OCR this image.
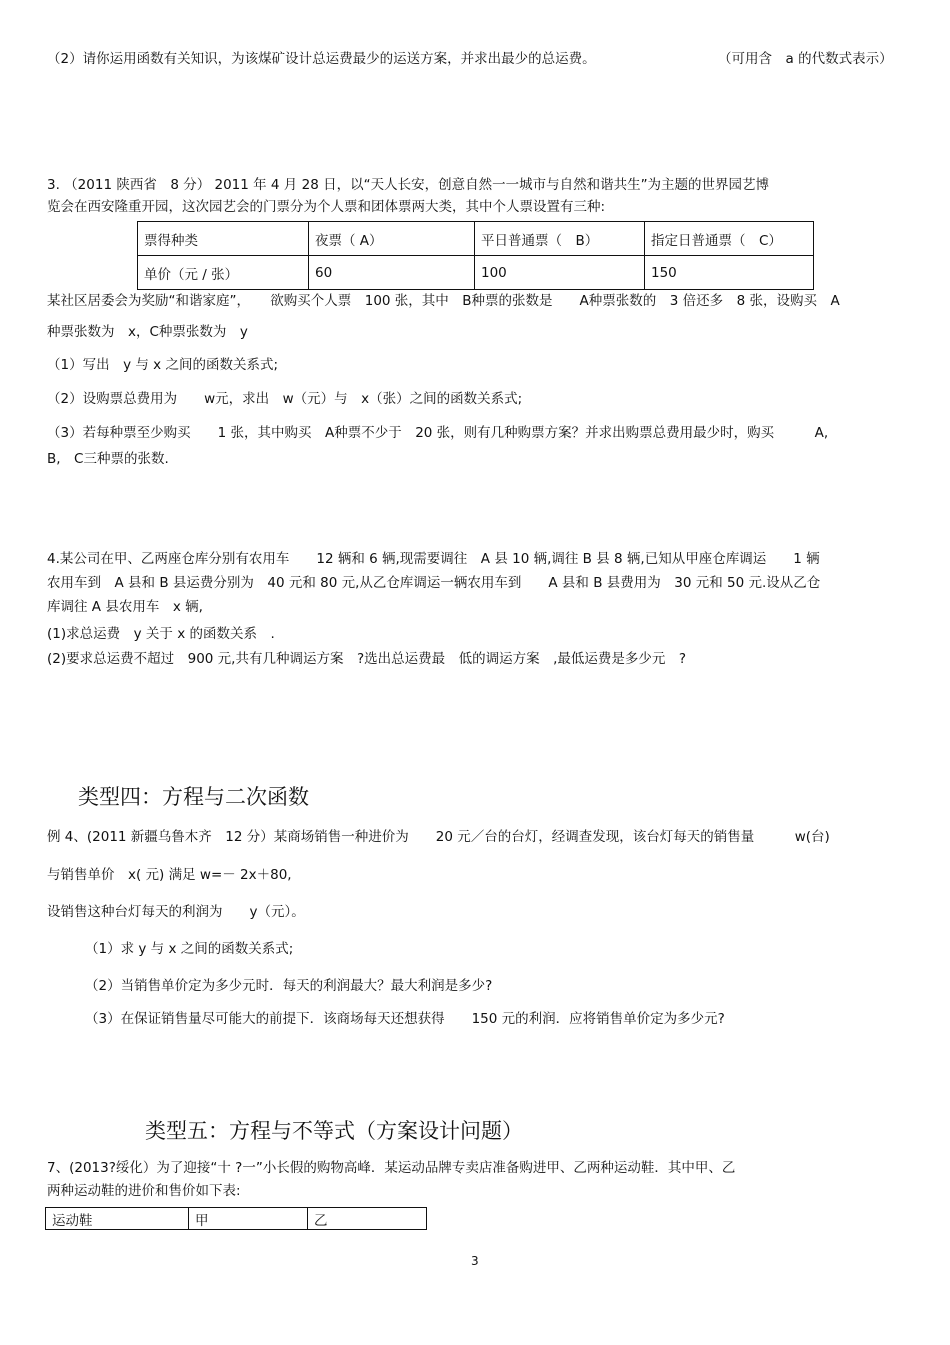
（2）请你运用函数有关知识，为该煤矿设计总运费最少的运送方案，并求出最少的总运费。	（可用含　a 的代数式表示）
3. （2011 陕西省　8 分） 2011 年 4 月 28 日，以“天人长安，创意自然一一城市与自然和谐共生”为主题的世界园艺博
览会在西安隆重开园，这次园艺会的门票分为个人票和团体票两大类，其中个人票设置有三种:
票得种类	夜票（ A）	平日普通票（　B）	指定日普通票（　C）
单价（元 / 张）	60	100	150
某社区居委会为奖励“和谐家庭”，　　欲购买个人票　100 张，其中　B种票的张数是　　A种票张数的　3 倍还多　8 张，设购买　A
种票张数为　x，C种票张数为　y
（1）写出　y 与 x 之间的函数关系式;
（2）设购票总费用为　　w元，求出　w（元）与　x（张）之间的函数关系式;
（3）若每种票至少购买　　1 张，其中购买　A种票不少于　20 张，则有几种购票方案？并求出购票总费用最少时，购买　　　A,
B,　C三种票的张数.
4.某公司在甲、乙两座仓库分别有农用车　　12 辆和 6 辆,现需要调往　A 县 10 辆,调往 B 县 8 辆,已知从甲座仓库调运　　1 辆
农用车到　A 县和 B 县运费分别为　40 元和 80 元,从乙仓库调运一辆农用车到　　A 县和 B 县费用为　30 元和 50 元.设从乙仓
库调往 A 县农用车　x 辆,
(1)求总运费　y 关于 x 的函数关系　.
(2)要求总运费不超过　900 元,共有几种调运方案　?选出总运费最　低的调运方案　,最低运费是多少元　?
类型四：方程与二次函数
例 4、(2011 新疆乌鲁木齐　12 分）某商场销售一种进价为　　20 元／台的台灯，经调查发现，该台灯每天的销售量　　　w(台)
与销售单价　x( 元) 满足 w=－ 2x＋80,
设销售这种台灯每天的利润为　　y（元）。
（1）求 y 与 x 之间的函数关系式;
（2）当销售单价定为多少元时．每天的利润最大？最大利润是多少?
（3）在保证销售量尽可能大的前提下．该商场每天还想获得　　150 元的利润．应将销售单价定为多少元?
类型五：方程与不等式（方案设计问题）
7、(2013?绥化）为了迎接“十 ?一”小长假的购物高峰．某运动品牌专卖店准备购进甲、乙两种运动鞋．其中甲、乙
两种运动鞋的进价和售价如下表:
运动鞋	甲	乙
3
